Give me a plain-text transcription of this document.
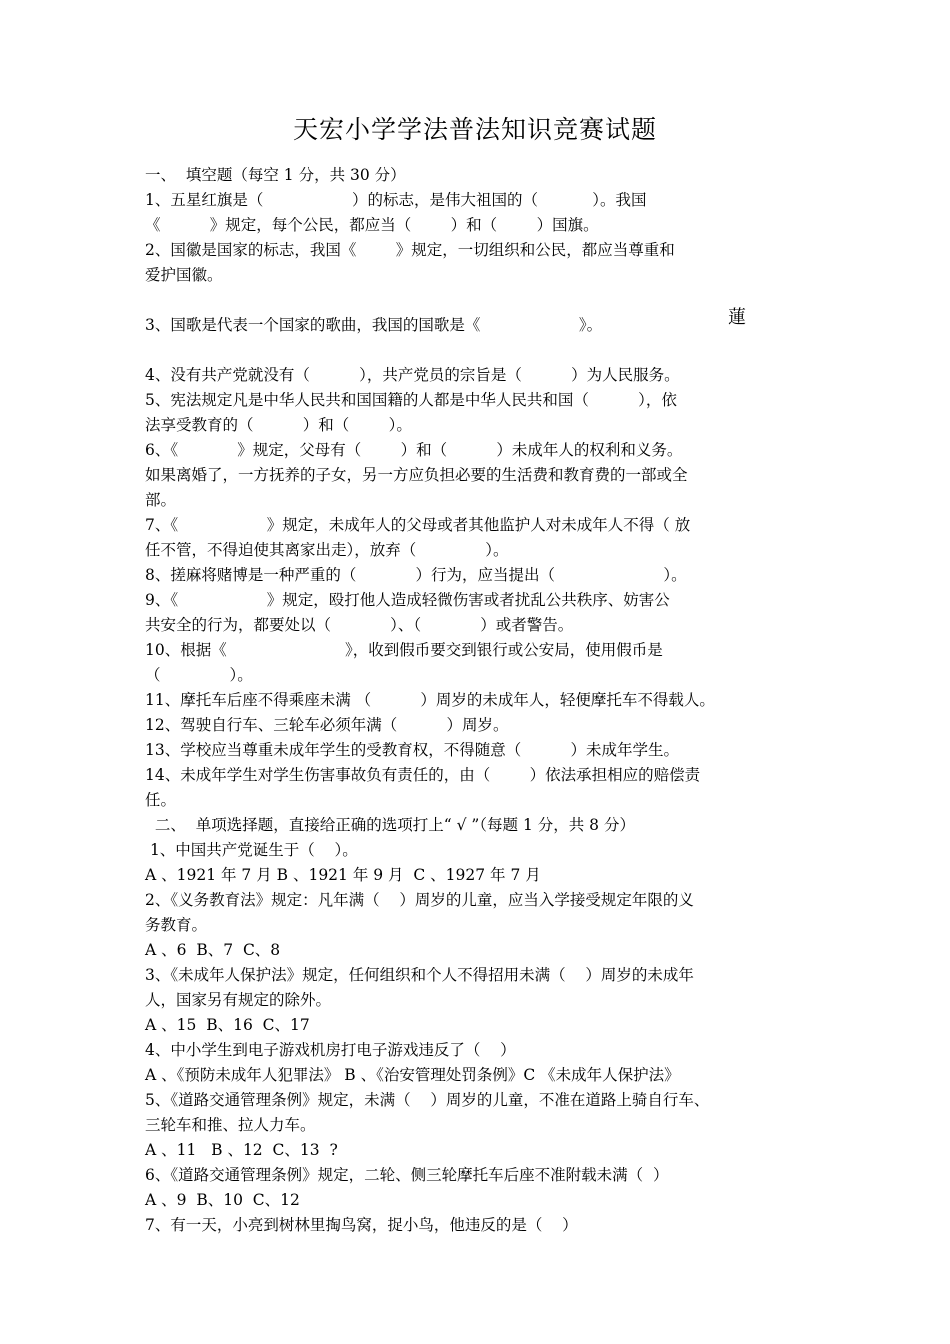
天宏小学学法普法知识竞赛试题
一、  填空题（每空 1 分，共 30 分）
1、五星红旗是（                  ）的标志，是伟大祖国的（           ）。我国
《          》规定，每个公民，都应当（        ）和（        ）国旗。
2、国徽是国家的标志，我国《        》规定，一切组织和公民，都应当尊重和
爱护国徽。
3、国歌是代表一个国家的歌曲，我国的国歌是《                    》。
4、没有共产党就没有（          ），共产党员的宗旨是（          ）为人民服务。
5、宪法规定凡是中华人民共和国国籍的人都是中华人民共和国（          ），依
法享受教育的（          ）和（        ）。
6、《            》规定，父母有（        ）和（          ）未成年人的权利和义务。
如果离婚了，一方抚养的子女，另一方应负担必要的生活费和教育费的一部或全
部。
7、《                  》规定，未成年人的父母或者其他监护人对未成年人不得（ 放
任不管，不得迫使其离家出走），放弃（              ）。
8、搓麻将赌博是一种严重的（            ）行为，应当提出（                      ）。
9、《                  》规定，殴打他人造成轻微伤害或者扰乱公共秩序、妨害公
共安全的行为，都要处以（            ）、（            ）或者警告。
10、根据《                        》，收到假币要交到银行或公安局，使用假币是
（              ）。
11、摩托车后座不得乘座未满 （          ）周岁的未成年人，轻便摩托车不得载人。
12、驾驶自行车、三轮车必须年满（          ）周岁。
13、学校应当尊重未成年学生的受教育权，不得随意（          ）未成年学生。
14、未成年学生对学生伤害事故负有责任的，由（        ）依法承担相应的赔偿责
任。
二、  单项选择题，直接给正确的选项打上“ √ ”（每题 1 分，共 8 分）
1、中国共产党诞生于（    ）。
A 、1921 年 7 月 B 、1921 年 9 月  C 、1927 年 7 月
2、《义务教育法》规定：凡年满（    ）周岁的儿童，应当入学接受规定年限的义
务教育。
A 、6  B、7  C、8
3、《未成年人保护法》规定，任何组织和个人不得招用未满（    ）周岁的未成年
人，国家另有规定的除外。
A 、15  B、16  C、17
4、中小学生到电子游戏机房打电子游戏违反了（    ）
A 、《预防未成年人犯罪法》 B 、《治安管理处罚条例》C 《未成年人保护法》
5、《道路交通管理条例》规定，未满（    ）周岁的儿童，不准在道路上骑自行车、
三轮车和推、拉人力车。
A 、11   B 、12  C、13  ?
6、《道路交通管理条例》规定，二轮、侧三轮摩托车后座不准附载未满（  ）
A 、9  B、10  C、12
7、有一天，小亮到树林里掏鸟窝，捉小鸟，他违反的是（    ）
蓮
